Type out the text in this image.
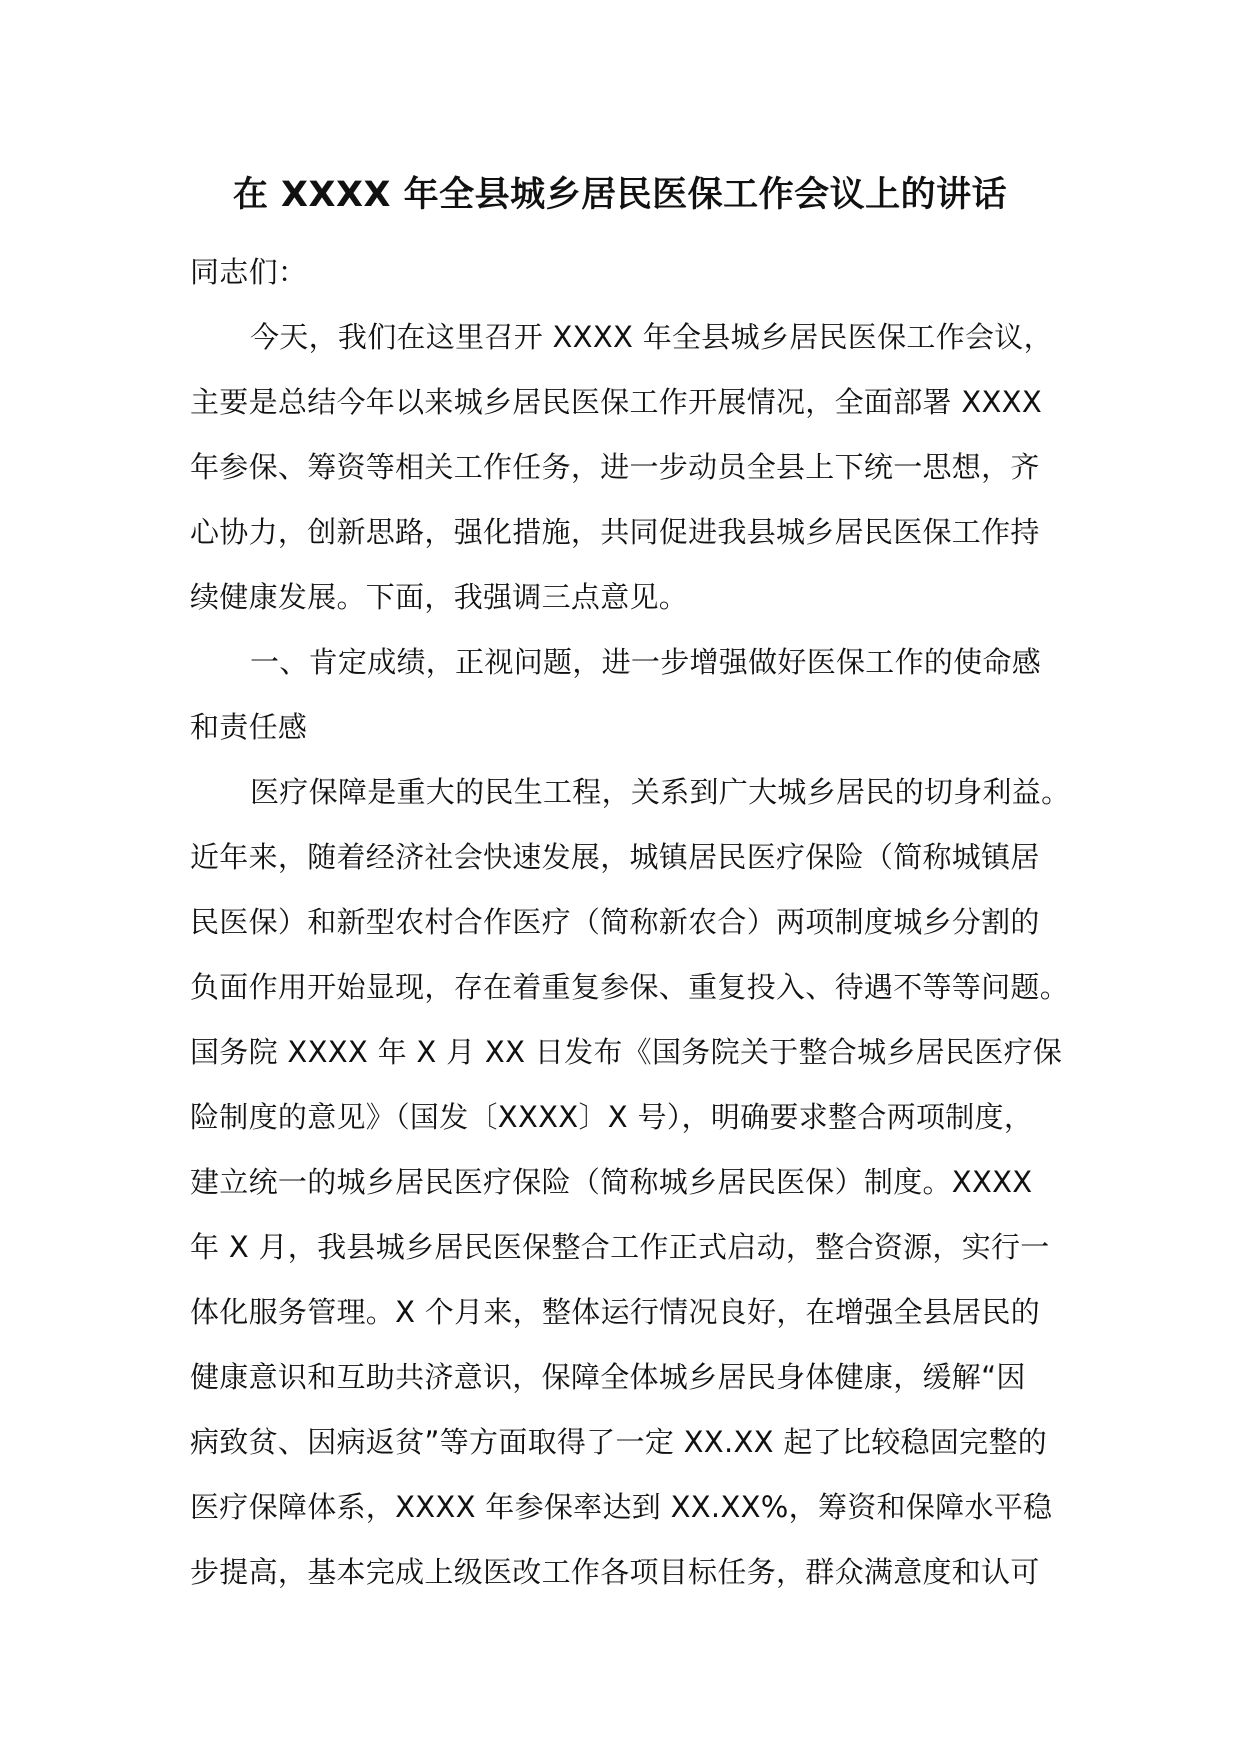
在 XXXX 年全县城乡居民医保工作会议上的讲话
同志们：
今天，我们在这里召开 XXXX 年全县城乡居民医保工作会议，
主要是总结今年以来城乡居民医保工作开展情况，全面部署 XXXX
年参保、筹资等相关工作任务，进一步动员全县上下统一思想，齐
心协力，创新思路，强化措施，共同促进我县城乡居民医保工作持
续健康发展。下面，我强调三点意见。
一、肯定成绩，正视问题，进一步增强做好医保工作的使命感
和责任感
医疗保障是重大的民生工程，关系到广大城乡居民的切身利益。
近年来，随着经济社会快速发展，城镇居民医疗保险（简称城镇居
民医保）和新型农村合作医疗（简称新农合）两项制度城乡分割的
负面作用开始显现，存在着重复参保、重复投入、待遇不等等问题。
国务院 XXXX 年 X 月 XX 日发布《国务院关于整合城乡居民医疗保
险制度的意见》（国发〔XXXX〕X 号），明确要求整合两项制度，
建立统一的城乡居民医疗保险（简称城乡居民医保）制度。XXXX
年 X 月，我县城乡居民医保整合工作正式启动，整合资源，实行一
体化服务管理。X 个月来，整体运行情况良好，在增强全县居民的
健康意识和互助共济意识，保障全体城乡居民身体健康，缓解“因
病致贫、因病返贫”等方面取得了一定 XX.XX 起了比较稳固完整的
医疗保障体系，XXXX 年参保率达到 XX.XX%，筹资和保障水平稳
步提高，基本完成上级医改工作各项目标任务，群众满意度和认可
